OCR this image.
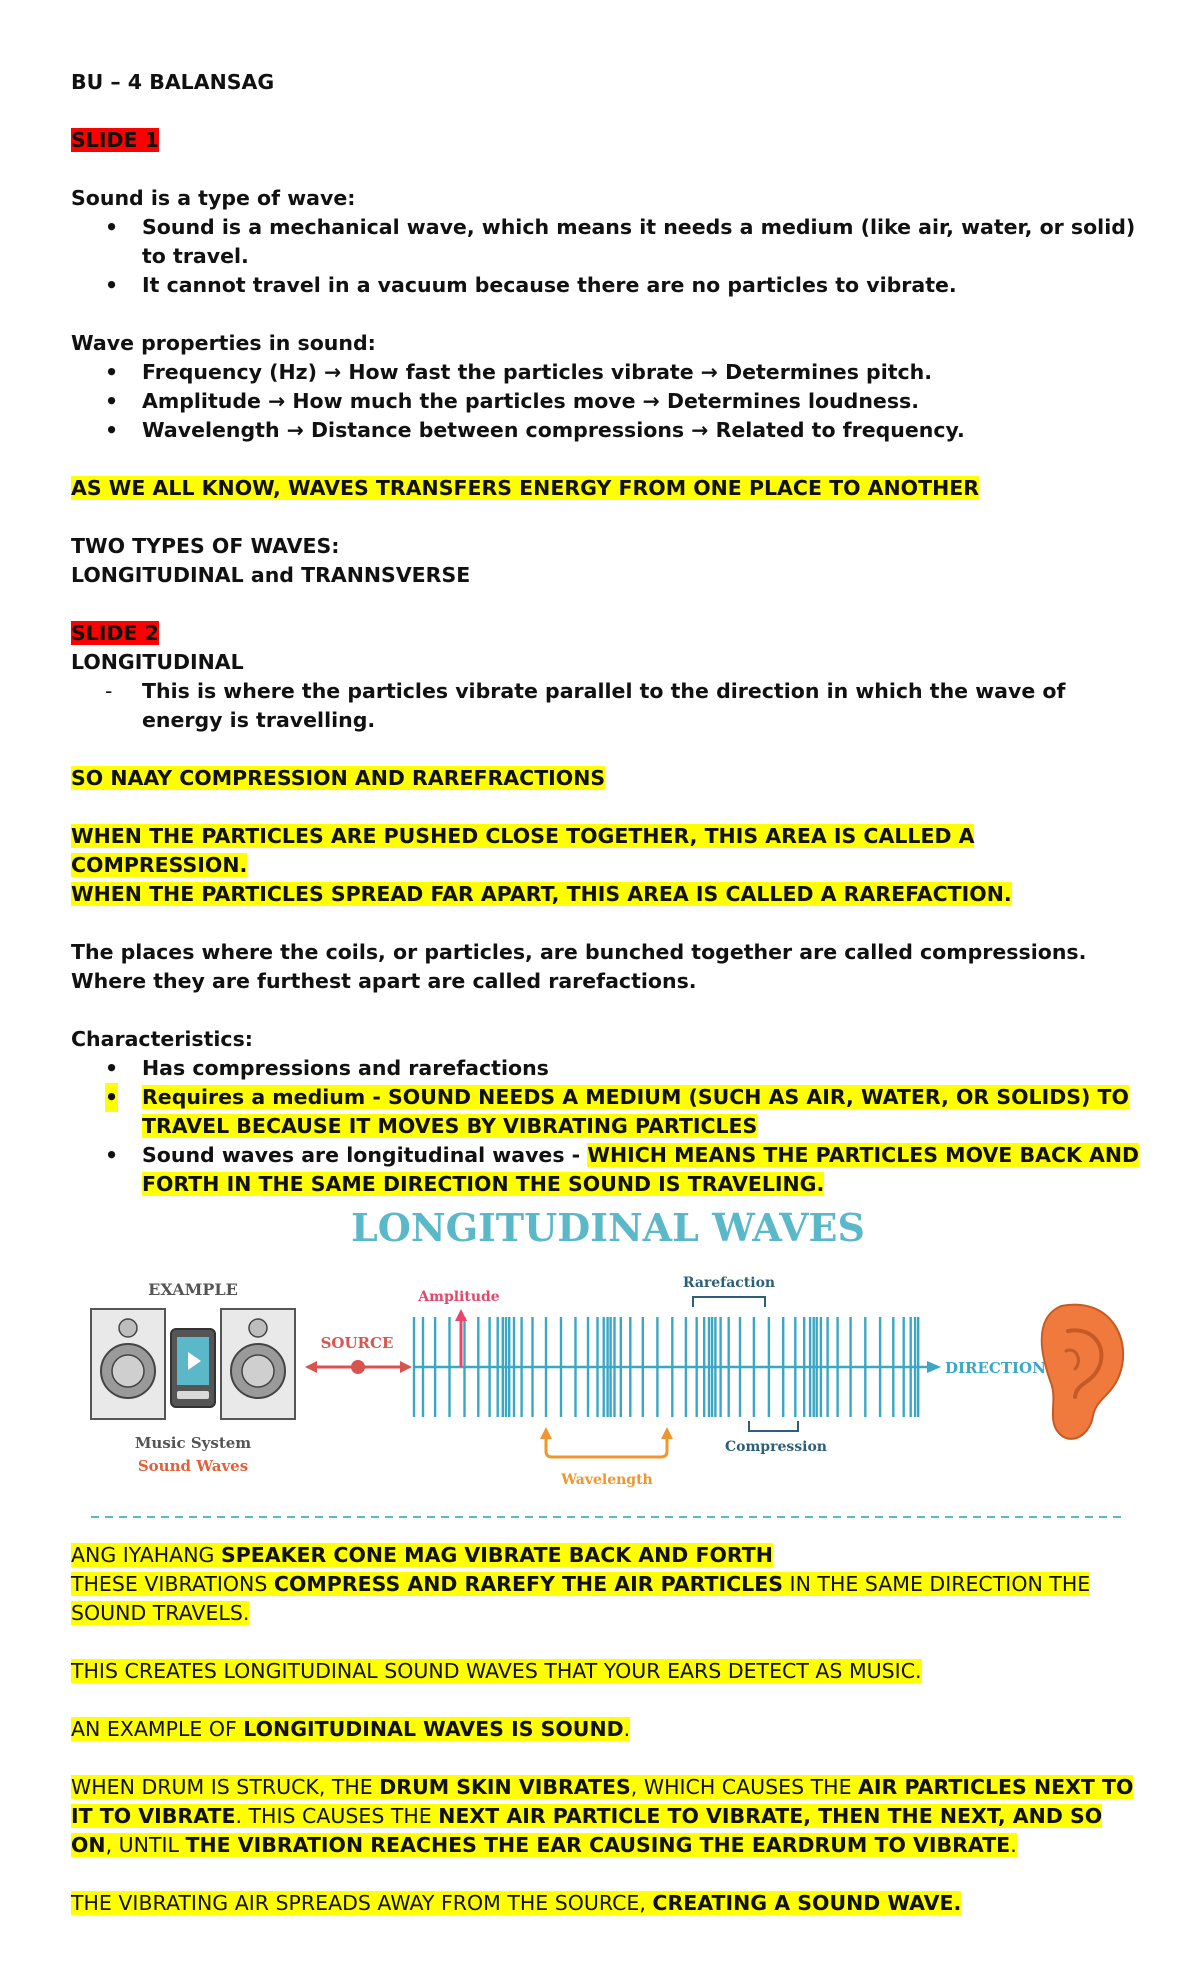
BU – 4 BALANSAG

SLIDE 1

Sound is a type of wave:

• Sound is a mechanical wave, which means it needs a medium (like air, water, or solid) to travel.
• It cannot travel in a vacuum because there are no particles to vibrate.

Wave properties in sound:

• Frequency (Hz) → How fast the particles vibrate → Determines pitch.
• Amplitude → How much the particles move → Determines loudness.
• Wavelength → Distance between compressions → Related to frequency.

AS WE ALL KNOW, WAVES TRANSFERS ENERGY FROM ONE PLACE TO ANOTHER

TWO TYPES OF WAVES:

LONGITUDINAL and TRANNSVERSE

SLIDE 2

LONGITUDINAL

- This is where the particles vibrate parallel to the direction in which the wave of energy is travelling.

SO NAAY COMPRESSION AND RAREFRACTIONS

WHEN THE PARTICLES ARE PUSHED CLOSE TOGETHER, THIS AREA IS CALLED A COMPRESSION.

WHEN THE PARTICLES SPREAD FAR APART, THIS AREA IS CALLED A RAREFACTION.

The places where the coils, or particles, are bunched together are called compressions. Where they are furthest apart are called rarefactions.

Characteristics:

• Has compressions and rarefactions
• Requires a medium - SOUND NEEDS A MEDIUM (SUCH AS AIR, WATER, OR SOLIDS) TO TRAVEL BECAUSE IT MOVES BY VIBRATING PARTICLES
• Sound waves are longitudinal waves - WHICH MEANS THE PARTICLES MOVE BACK AND FORTH IN THE SAME DIRECTION THE SOUND IS TRAVELING.
LONGITUDINAL WAVES
EXAMPLE
Music System
Sound Waves
SOURCE
DIRECTION
Amplitude
Rarefaction
Compression
Wavelength

ANG IYAHANG SPEAKER CONE MAG VIBRATE BACK AND FORTH

THESE VIBRATIONS COMPRESS AND RAREFY THE AIR PARTICLES IN THE SAME DIRECTION THE SOUND TRAVELS.

THIS CREATES LONGITUDINAL SOUND WAVES THAT YOUR EARS DETECT AS MUSIC.

AN EXAMPLE OF LONGITUDINAL WAVES IS SOUND.

WHEN DRUM IS STRUCK, THE DRUM SKIN VIBRATES, WHICH CAUSES THE AIR PARTICLES NEXT TO IT TO VIBRATE. THIS CAUSES THE NEXT AIR PARTICLE TO VIBRATE, THEN THE NEXT, AND SO ON, UNTIL THE VIBRATION REACHES THE EAR CAUSING THE EARDRUM TO VIBRATE.

THE VIBRATING AIR SPREADS AWAY FROM THE SOURCE, CREATING A SOUND WAVE.
